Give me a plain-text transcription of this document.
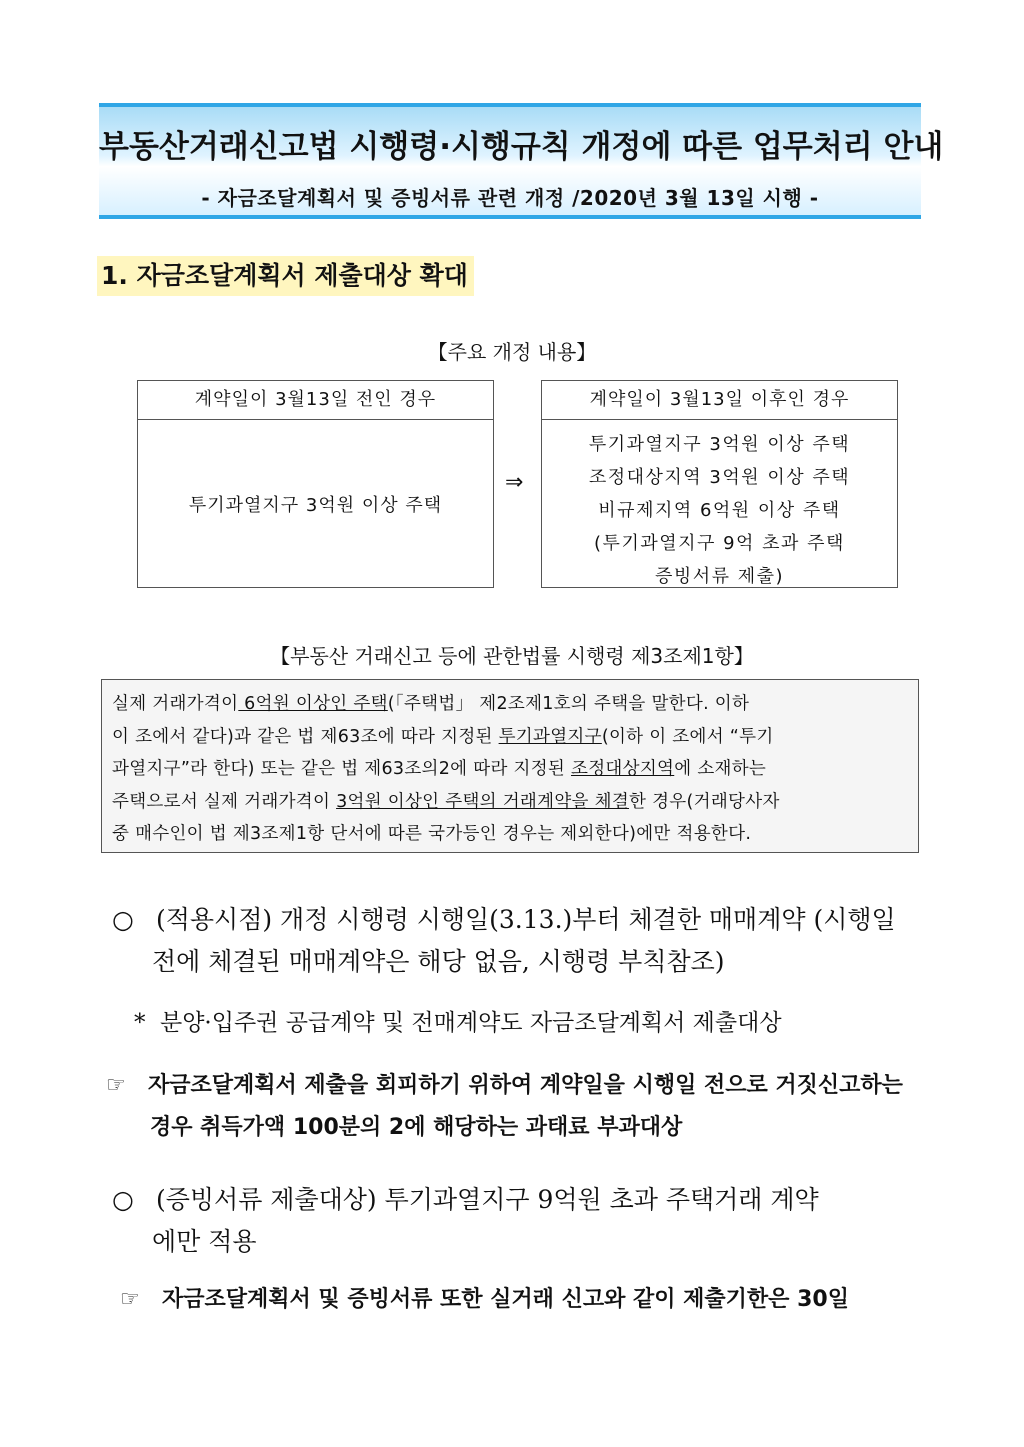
부동산거래신고법 시행령·시행규칙 개정에 따른 업무처리 안내
- 자금조달계획서 및 증빙서류 관련 개정 /2020년 3월 13일 시행 -
1. 자금조달계획서 제출대상 확대
【주요 개정 내용】
계약일이 3월13일 전인 경우
투기과열지구 3억원 이상 주택
⇒
계약일이 3월13일 이후인 경우
투기과열지구 3억원 이상 주택
조정대상지역 3억원 이상 주택
비규제지역 6억원 이상 주택
(투기과열지구 9억 초과 주택
증빙서류 제출)
【부동산 거래신고 등에 관한법률 시행령 제3조제1항】
실제 거래가격이 6억원 이상인 주택(「주택법」 제2조제1호의 주택을 말한다. 이하
이 조에서 같다)과 같은 법 제63조에 따라 지정된 투기과열지구(이하 이 조에서 “투기
과열지구”라 한다) 또는 같은 법 제63조의2에 따라 지정된 조정대상지역에 소재하는
주택으로서 실제 거래가격이 3억원 이상인 주택의 거래계약을 체결한 경우(거래당사자
중 매수인이 법 제3조제1항 단서에 따른 국가등인 경우는 제외한다)에만 적용한다.
○ (적용시점) 개정 시행령 시행일(3.13.)부터 체결한 매매계약 (시행일
전에 체결된 매매계약은 해당 없음, 시행령 부칙참조)
* 분양·입주권 공급계약 및 전매계약도 자금조달계획서 제출대상
☞ 자금조달계획서 제출을 회피하기 위하여 계약일을 시행일 전으로 거짓신고하는
경우 취득가액 100분의 2에 해당하는 과태료 부과대상
○ (증빙서류 제출대상) 투기과열지구 9억원 초과 주택거래 계약
에만 적용
☞ 자금조달계획서 및 증빙서류 또한 실거래 신고와 같이 제출기한은 30일
